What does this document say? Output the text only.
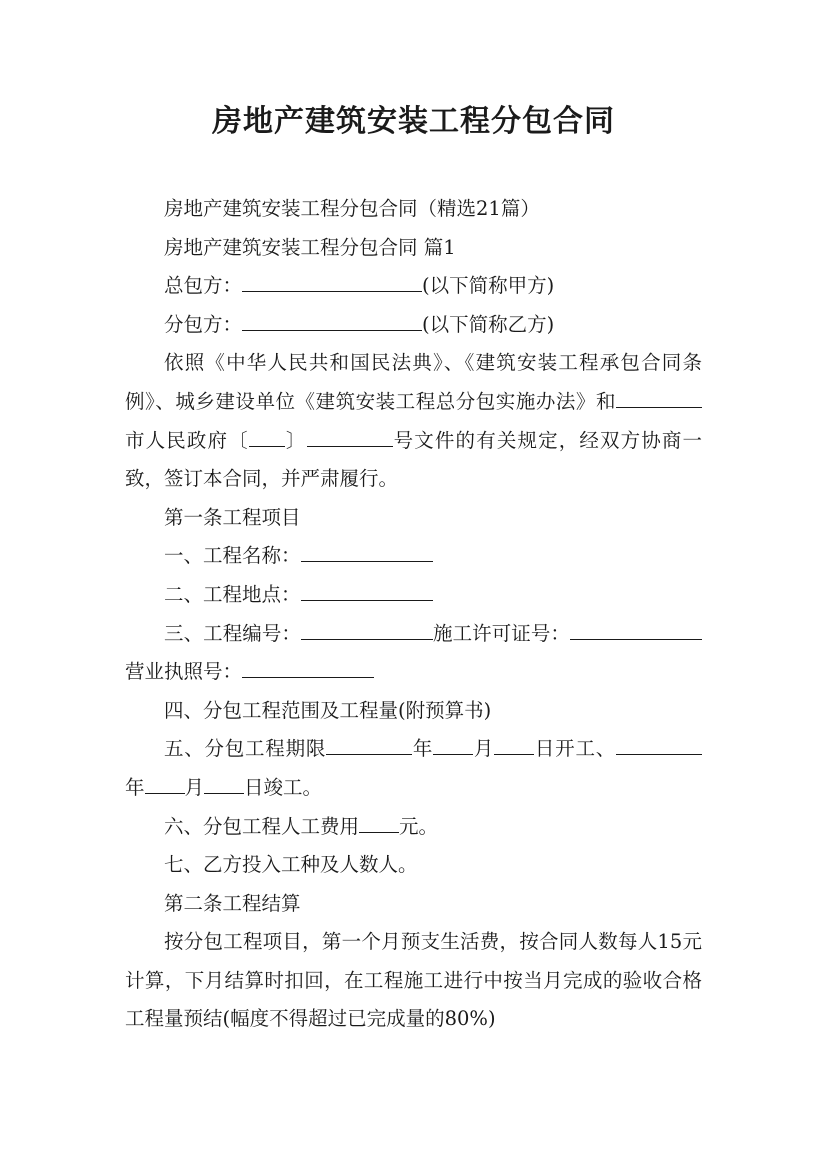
房地产建筑安装工程分包合同

房地产建筑安装工程分包合同（精选21篇）

房地产建筑安装工程分包合同 篇1

总包方：	(以下简称甲方)

分包方：	(以下简称乙方)

依照《中华人民共和国民法典》、《建筑安装工程承包合同条例》、城乡建设单位《建筑安装工程总分包实施办法》和市人民政府〔 〕	号文件的有关规定，经双方协商一致，签订本合同，并严肃履行。

第一条工程项目

一、工程名称：

二、工程地点：

三、工程编号：	施工许可证号：营业执照号：

四、分包工程范围及工程量(附预算书)

五、分包工程期限	年 月 日开工、年 月 日竣工。

六、分包工程人工费用 元。

七、乙方投入工种及人数人。

第二条工程结算

按分包工程项目，第一个月预支生活费，按合同人数每人15元计算，下月结算时扣回，在工程施工进行中按当月完成的验收合格工程量预结(幅度不得超过已完成量的80%)
